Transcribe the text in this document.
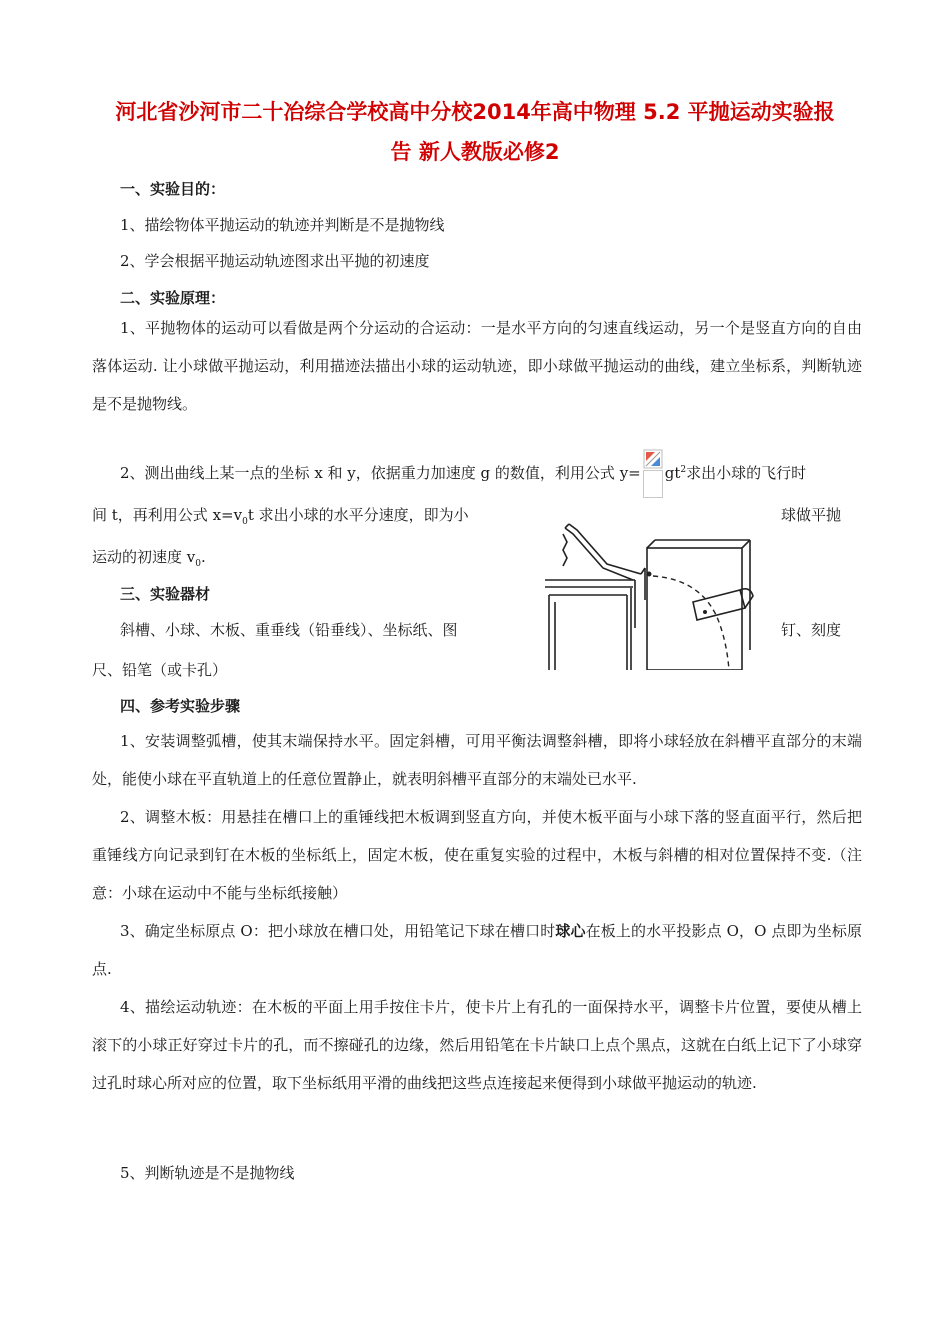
河北省沙河市二十冶综合学校高中分校2014年高中物理 5.2 平抛运动实验报
告 新人教版必修2
一、实验目的：
1、描绘物体平抛运动的轨迹并判断是不是抛物线
2、学会根据平抛运动轨迹图求出平抛的初速度
二、实验原理：
1、平抛物体的运动可以看做是两个分运动的合运动：一是水平方向的匀速直线运动，另一个是竖直方向的自由落体运动. 让小球做平抛运动，利用描迹法描出小球的运动轨迹，即小球做平抛运动的曲线，建立坐标系，判断轨迹是不是抛物线。
2、测出曲线上某一点的坐标 x 和 y，依据重力加速度 g 的数值，利用公式 $y= gt^2$求出小球的飞行时
间 t，再利用公式 $x=v_0t$ 求出小球的水平分速度，即为小	球做平抛
运动的初速度 $v_0$.
三、实验器材
斜槽、小球、木板、重垂线（铅垂线）、坐标纸、图	钉、刻度
尺、铅笔（或卡孔）
四、参考实验步骤
1、安装调整弧槽，使其末端保持水平。固定斜槽，可用平衡法调整斜槽，即将小球轻放在斜槽平直部分的末端处，能使小球在平直轨道上的任意位置静止，就表明斜槽平直部分的末端处已水平.
2、调整木板：用悬挂在槽口上的重锤线把木板调到竖直方向，并使木板平面与小球下落的竖直面平行，然后把重锤线方向记录到钉在木板的坐标纸上，固定木板，使在重复实验的过程中，木板与斜槽的相对位置保持不变.（注意：小球在运动中不能与坐标纸接触）
3、确定坐标原点 O：把小球放在槽口处，用铅笔记下球在槽口时球心在板上的水平投影点 O，O 点即为坐标原点.
4、描绘运动轨迹：在木板的平面上用手按住卡片，使卡片上有孔的一面保持水平，调整卡片位置，要使从槽上滚下的小球正好穿过卡片的孔，而不擦碰孔的边缘，然后用铅笔在卡片缺口上点个黑点，这就在白纸上记下了小球穿过孔时球心所对应的位置，取下坐标纸用平滑的曲线把这些点连接起来便得到小球做平抛运动的轨迹.
5、判断轨迹是不是抛物线
